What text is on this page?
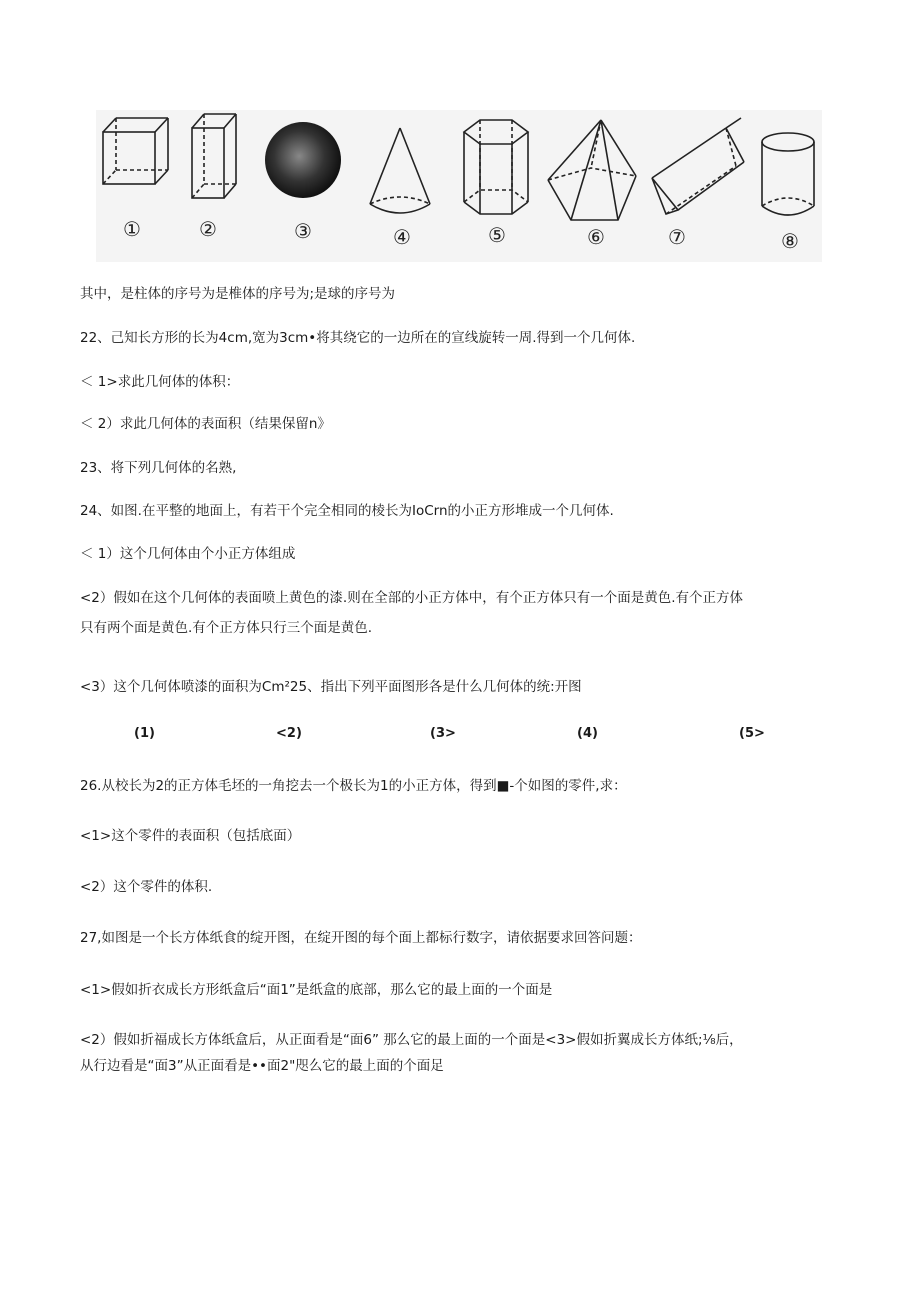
①	②	③	④	⑤	⑥	⑦	⑧
其中，是柱体的序号为是椎体的序号为;是球的序号为
22、己知长方形的长为4cm,宽为3cm•将其绕它的一边所在的宣线旋转一周.得到一个几何体.
＜ 1>求此几何体的体积：
＜ 2）求此几何体的表面积（结果保留n》
23、将下列几何体的名熟,
24、如图.在平整的地面上，有若干个完全相同的棱长为IoCrn的小正方形堆成一个几何体.
＜ 1）这个几何体由个小正方体组成
<2）假如在这个几何体的表面喷上黄色的漆.则在全部的小正方体中，有个正方体只有一个面是黄色.有个正方体
只有两个面是黄色.有个正方体只行三个面是黄色.
<3）这个几何体喷漆的面积为Cm²25、指出下列平面图形各是什么几何体的统:开图
(1)	<2)	(3>	(4)	(5>
26.从校长为2的正方体毛坯的一角挖去一个极长为1的小正方体，得到■-个如图的零件,求：
<1>这个零件的表面积（包括底面）
<2）这个零件的体积.
27,如图是一个长方体纸食的绽开图，在绽开图的每个面上都标行数字，请依据要求回答问题：
<1>假如折衣成长方形纸盒后“面1”是纸盒的底部，那么它的最上面的一个面是
<2）假如折福成长方体纸盒后，从正面看是“面6” 那么它的最上面的一个面是<3>假如折翼成长方体纸;⅛后，
从行边看是“面3”从正面看是••面2"咫么它的最上面的个面足
